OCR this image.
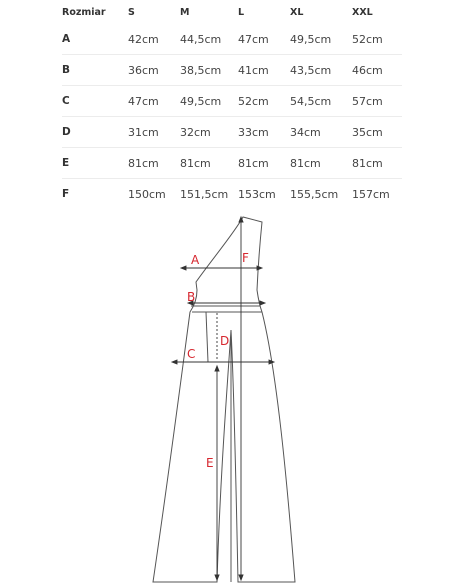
Rozmiar	S	M	L	XL	XXL
A	42cm	44,5cm	47cm	49,5cm	52cm
B	36cm	38,5cm	41cm	43,5cm	46cm
C	47cm	49,5cm	52cm	54,5cm	57cm
D	31cm	32cm	33cm	34cm	35cm
E	81cm	81cm	81cm	81cm	81cm
F	150cm	151,5cm	153cm	155,5cm	157cm
A	F
B
D
C
E
